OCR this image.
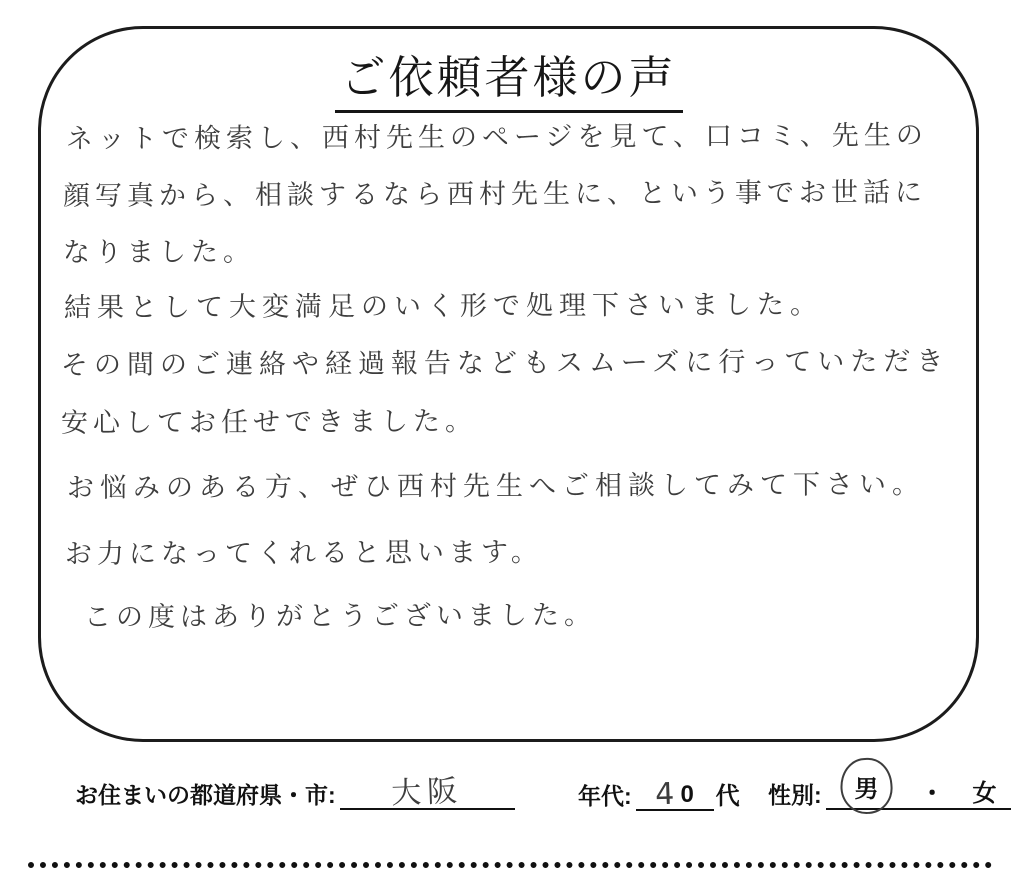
ご依頼者様の声
ネットで検索し、西村先生のページを見て、口コミ、先生の
顔写真から、相談するなら西村先生に、という事でお世話に
なりました。
結果として大変満足のいく形で処理下さいました。
その間のご連絡や経過報告などもスムーズに行っていただき
安心してお任せできました。
お悩みのある方、ぜひ西村先生へご相談してみて下さい。
お力になってくれると思います。
この度はありがとうございました。
お住まいの都道府県・市: 大阪	年代: 4 0 代 性別: 男 ・ 女
